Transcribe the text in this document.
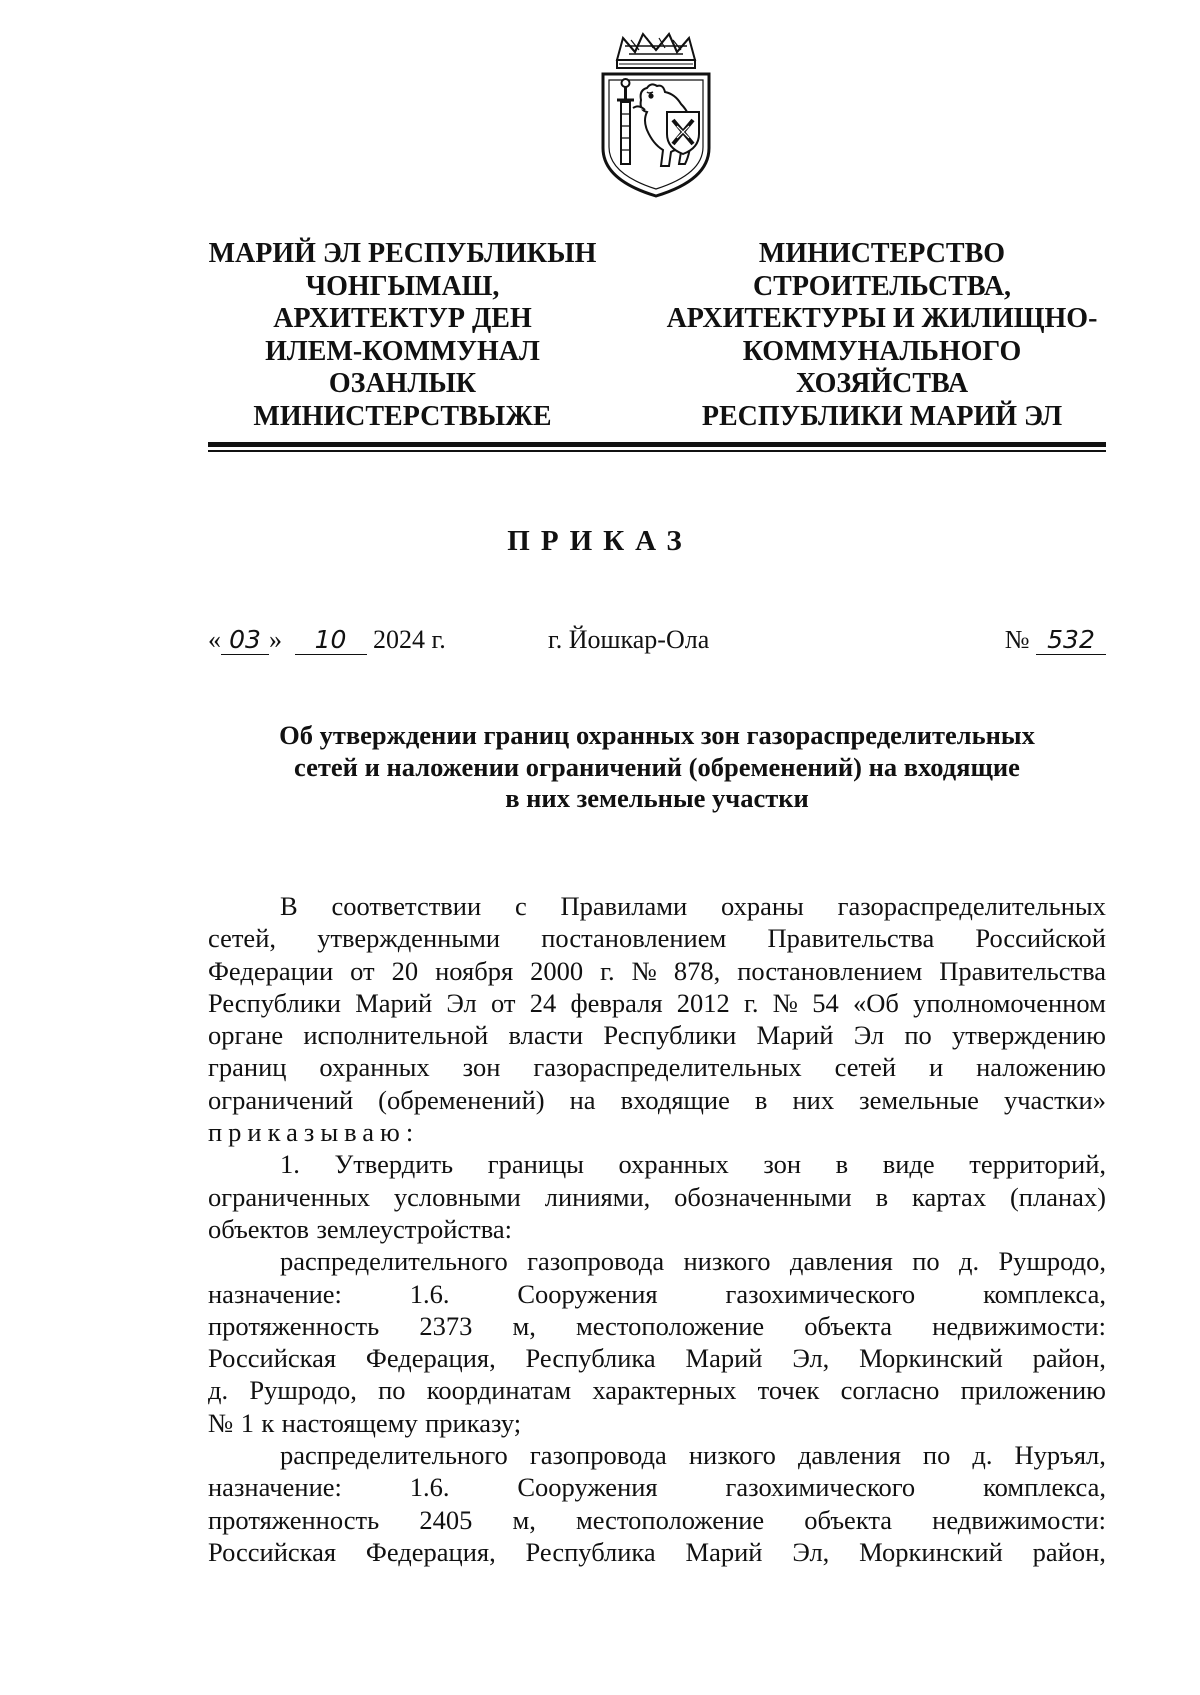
МАРИЙ ЭЛ РЕСПУБЛИКЫН
ЧОНГЫМАШ,
АРХИТЕКТУР ДЕН
ИЛЕМ-КОММУНАЛ
ОЗАНЛЫК
МИНИСТЕРСТВЫЖЕ
МИНИСТЕРСТВО
СТРОИТЕЛЬСТВА,
АРХИТЕКТУРЫ И ЖИЛИЩНО-
КОММУНАЛЬНОГО
ХОЗЯЙСТВА
РЕСПУБЛИКИ МАРИЙ ЭЛ
ПРИКАЗ
« 03 » 10 2024 г.	г. Йошкар-Ола	№ 532
Об утверждении границ охранных зон газораспределительных
сетей и наложении ограничений (обременений) на входящие
в них земельные участки
В соответствии с Правилами охраны газораспределительных
сетей, утвержденными постановлением Правительства Российской
Федерации от 20 ноября 2000 г. № 878, постановлением Правительства
Республики Марий Эл от 24 февраля 2012 г. № 54 «Об уполномоченном
органе исполнительной власти Республики Марий Эл по утверждению
границ охранных зон газораспределительных сетей и наложению
ограничений (обременений) на входящие в них земельные участки»
приказываю:
1. Утвердить границы охранных зон в виде территорий,
ограниченных условными линиями, обозначенными в картах (планах)
объектов землеустройства:
распределительного газопровода низкого давления по д. Рушродо,
назначение:	1.6.	Сооружения	газохимического	комплекса,
протяженность 2373 м, местоположение объекта недвижимости:
Российская Федерация, Республика Марий Эл, Моркинский район,
д. Рушродо, по координатам характерных точек согласно приложению
№ 1 к настоящему приказу;
распределительного газопровода низкого давления по д. Нуръял,
назначение:	1.6.	Сооружения	газохимического	комплекса,
протяженность 2405 м, местоположение объекта недвижимости:
Российская Федерация, Республика Марий Эл, Моркинский район,
